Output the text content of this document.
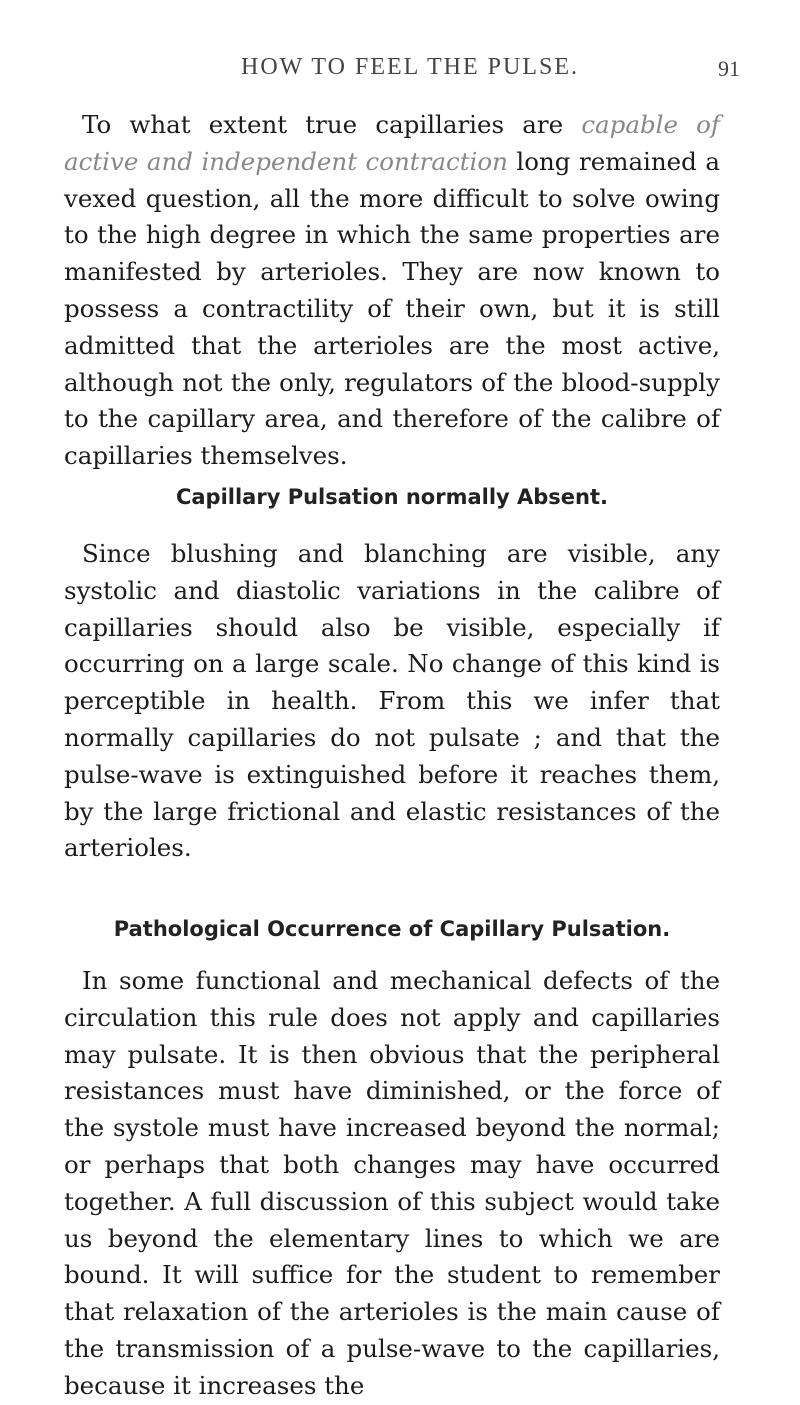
HOW TO FEEL THE PULSE.	91

To what extent true capillaries are capable of active and independent contraction long remained a vexed question, all the more difficult to solve owing to the high degree in which the same properties are manifested by arterioles. They are now known to possess a contractility of their own, but it is still admitted that the arterioles are the most active, although not the only, regulators of the blood-supply to the capillary area, and therefore of the calibre of capillaries themselves.

Capillary Pulsation normally Absent.

Since blushing and blanching are visible, any systolic and diastolic variations in the calibre of capillaries should also be visible, especially if occurring on a large scale. No change of this kind is perceptible in health. From this we infer that normally capillaries do not pulsate ; and that the pulse-wave is extinguished before it reaches them, by the large frictional and elastic resistances of the arterioles.

Pathological Occurrence of Capillary Pulsation.

In some functional and mechanical defects of the circulation this rule does not apply and capillaries may pulsate. It is then obvious that the peripheral resistances must have diminished, or the force of the systole must have increased beyond the normal; or perhaps that both changes may have occurred together. A full discussion of this subject would take us beyond the elementary lines to which we are bound. It will suffice for the student to remember that relaxation of the arterioles is the main cause of the transmission of a pulse-wave to the capillaries, because it increases the
